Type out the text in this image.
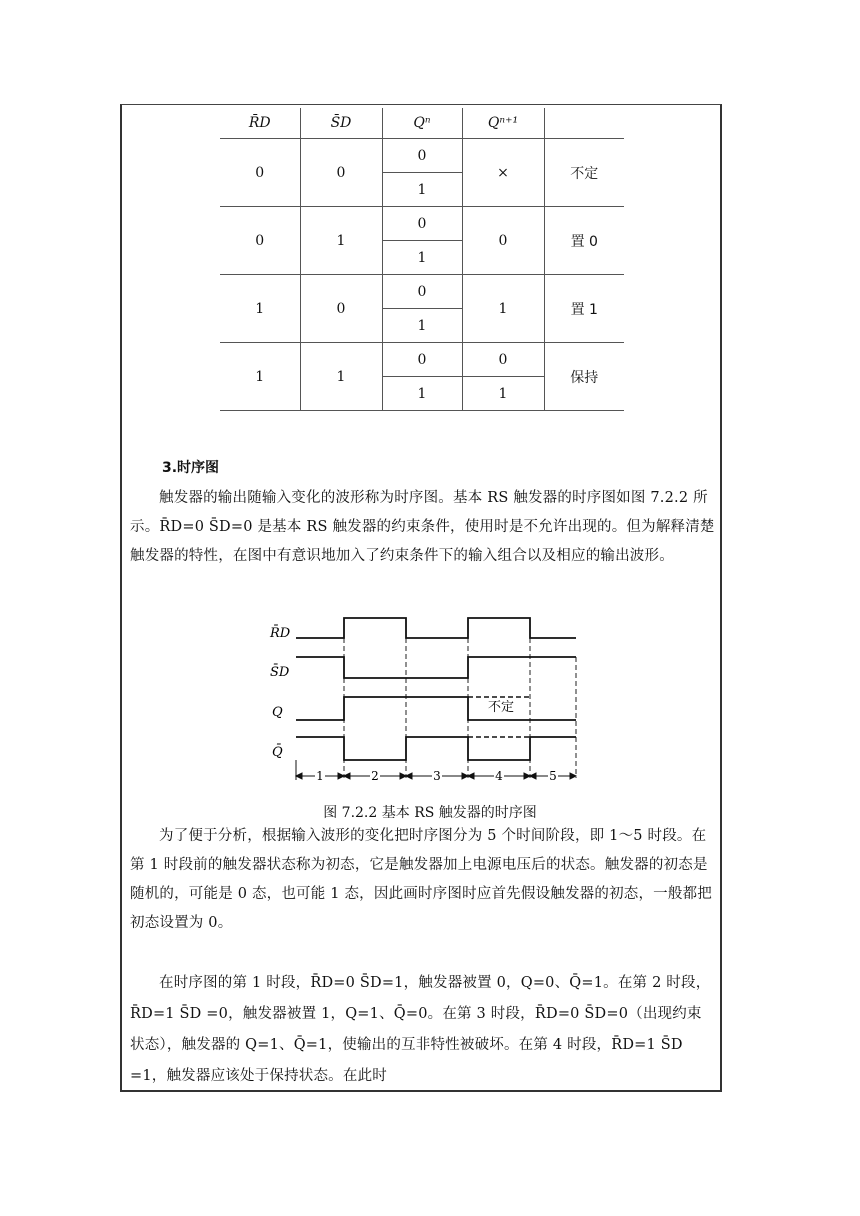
R̄D	S̄D	Qⁿ	Qⁿ⁺¹	
0	0	0	×	不定
		1		
0	1	0	0	置 0
		1		
1	0	0	1	置 1
		1		
1	1	0	0	保持
		1	1	
3.时序图

触发器的输出随输入变化的波形称为时序图。基本 RS 触发器的时序图如图 7.2.2 所示。R̄D=0 S̄D=0 是基本 RS 触发器的约束条件，使用时是不允许出现的。但为解释清楚触发器的特性，在图中有意识地加入了约束条件下的输入组合以及相应的输出波形。

R̄D
S̄D
Q
Q̄
不定
1	2	3	4	5
图 7.2.2 基本 RS 触发器的时序图

为了便于分析，根据输入波形的变化把时序图分为 5 个时间阶段，即 1～5 时段。在第 1 时段前的触发器状态称为初态，它是触发器加上电源电压后的状态。触发器的初态是随机的，可能是 0 态，也可能 1 态，因此画时序图时应首先假设触发器的初态，一般都把初态设置为 0。

在时序图的第 1 时段，R̄D=0 S̄D=1，触发器被置 0，Q=0、Q̄=1。在第 2 时段，R̄D=1 S̄D =0，触发器被置 1，Q=1、Q̄=0。在第 3 时段，R̄D=0 S̄D=0（出现约束状态），触发器的 Q=1、Q̄=1，使输出的互非特性被破坏。在第 4 时段，R̄D=1 S̄D =1，触发器应该处于保持状态。在此时
